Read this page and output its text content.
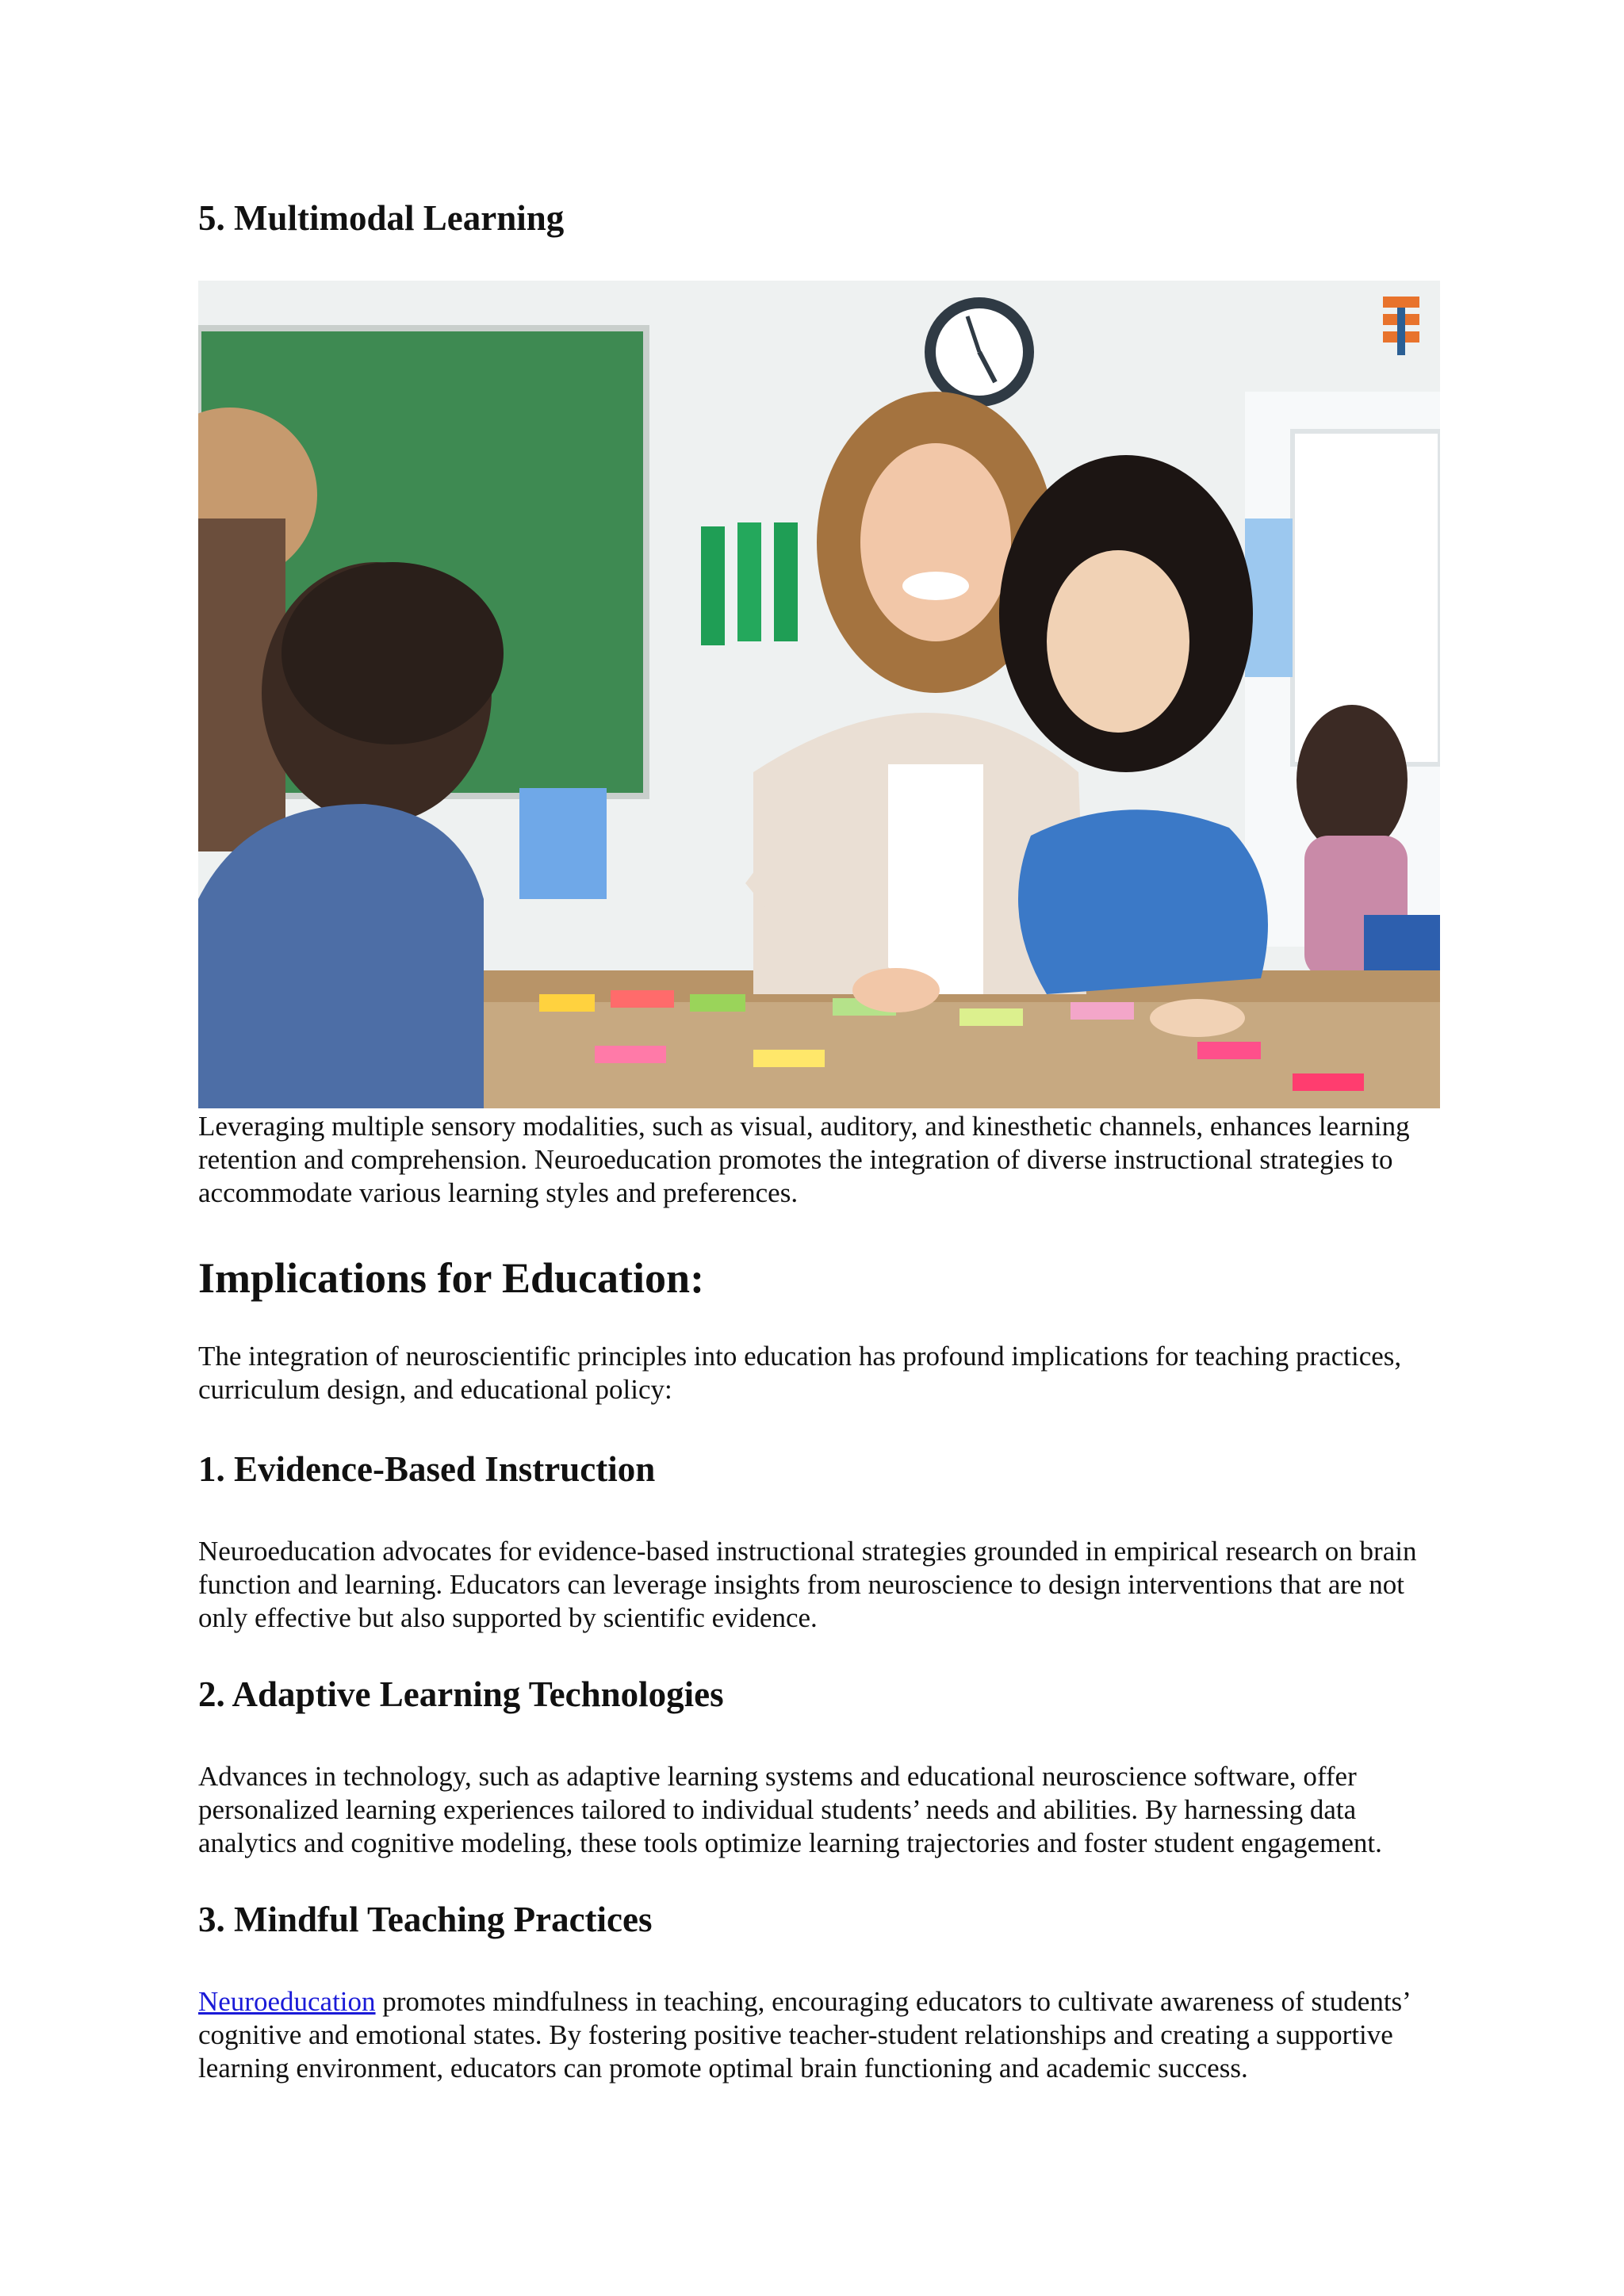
5. Multimodal Learning

Leveraging multiple sensory modalities, such as visual, auditory, and kinesthetic channels, enhances learning retention and comprehension. Neuroeducation promotes the integration of diverse instructional strategies to accommodate various learning styles and preferences.

Implications for Education:

The integration of neuroscientific principles into education has profound implications for teaching practices, curriculum design, and educational policy:

1. Evidence-Based Instruction

Neuroeducation advocates for evidence-based instructional strategies grounded in empirical research on brain function and learning. Educators can leverage insights from neuroscience to design interventions that are not only effective but also supported by scientific evidence.

2. Adaptive Learning Technologies

Advances in technology, such as adaptive learning systems and educational neuroscience software, offer personalized learning experiences tailored to individual students’ needs and abilities. By harnessing data analytics and cognitive modeling, these tools optimize learning trajectories and foster student engagement.

3. Mindful Teaching Practices

Neuroeducation promotes mindfulness in teaching, encouraging educators to cultivate awareness of students’ cognitive and emotional states. By fostering positive teacher-student relationships and creating a supportive learning environment, educators can promote optimal brain functioning and academic success.
